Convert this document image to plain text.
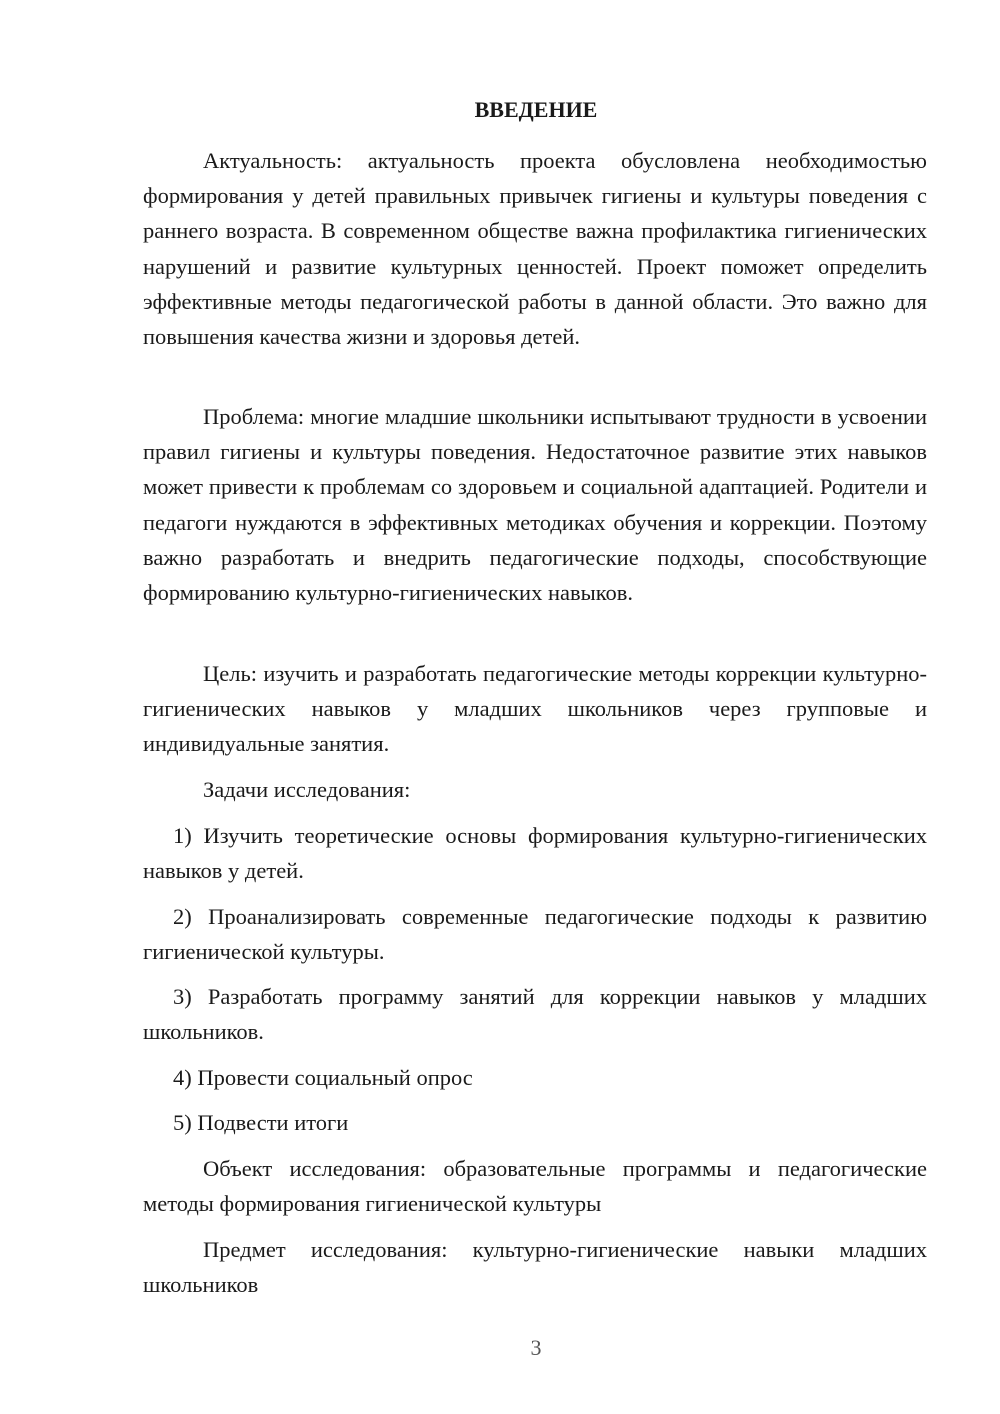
ВВЕДЕНИЕ

Актуальность: актуальность проекта обусловлена необходимостью формирования у детей правильных привычек гигиены и культуры поведения с раннего возраста. В современном обществе важна профилактика гигиенических нарушений и развитие культурных ценностей. Проект поможет определить эффективные методы педагогической работы в данной области. Это важно для повышения качества жизни и здоровья детей.

Проблема: многие младшие школьники испытывают трудности в усвоении правил гигиены и культуры поведения. Недостаточное развитие этих навыков может привести к проблемам со здоровьем и социальной адаптацией. Родители и педагоги нуждаются в эффективных методиках обучения и коррекции. Поэтому важно разработать и внедрить педагогические подходы, способствующие формированию культурно-гигиенических навыков.

Цель: изучить и разработать педагогические методы коррекции культурно-гигиенических навыков у младших школьников через групповые и индивидуальные занятия.

Задачи исследования:

1) Изучить теоретические основы формирования культурно-гигиенических навыков у детей.

2) Проанализировать современные педагогические подходы к развитию гигиенической культуры.

3) Разработать программу занятий для коррекции навыков у младших школьников.

4) Провести социальный опрос

5) Подвести итоги

Объект исследования: образовательные программы и педагогические методы формирования гигиенической культуры

Предмет исследования: культурно-гигиенические навыки младших школьников

3
